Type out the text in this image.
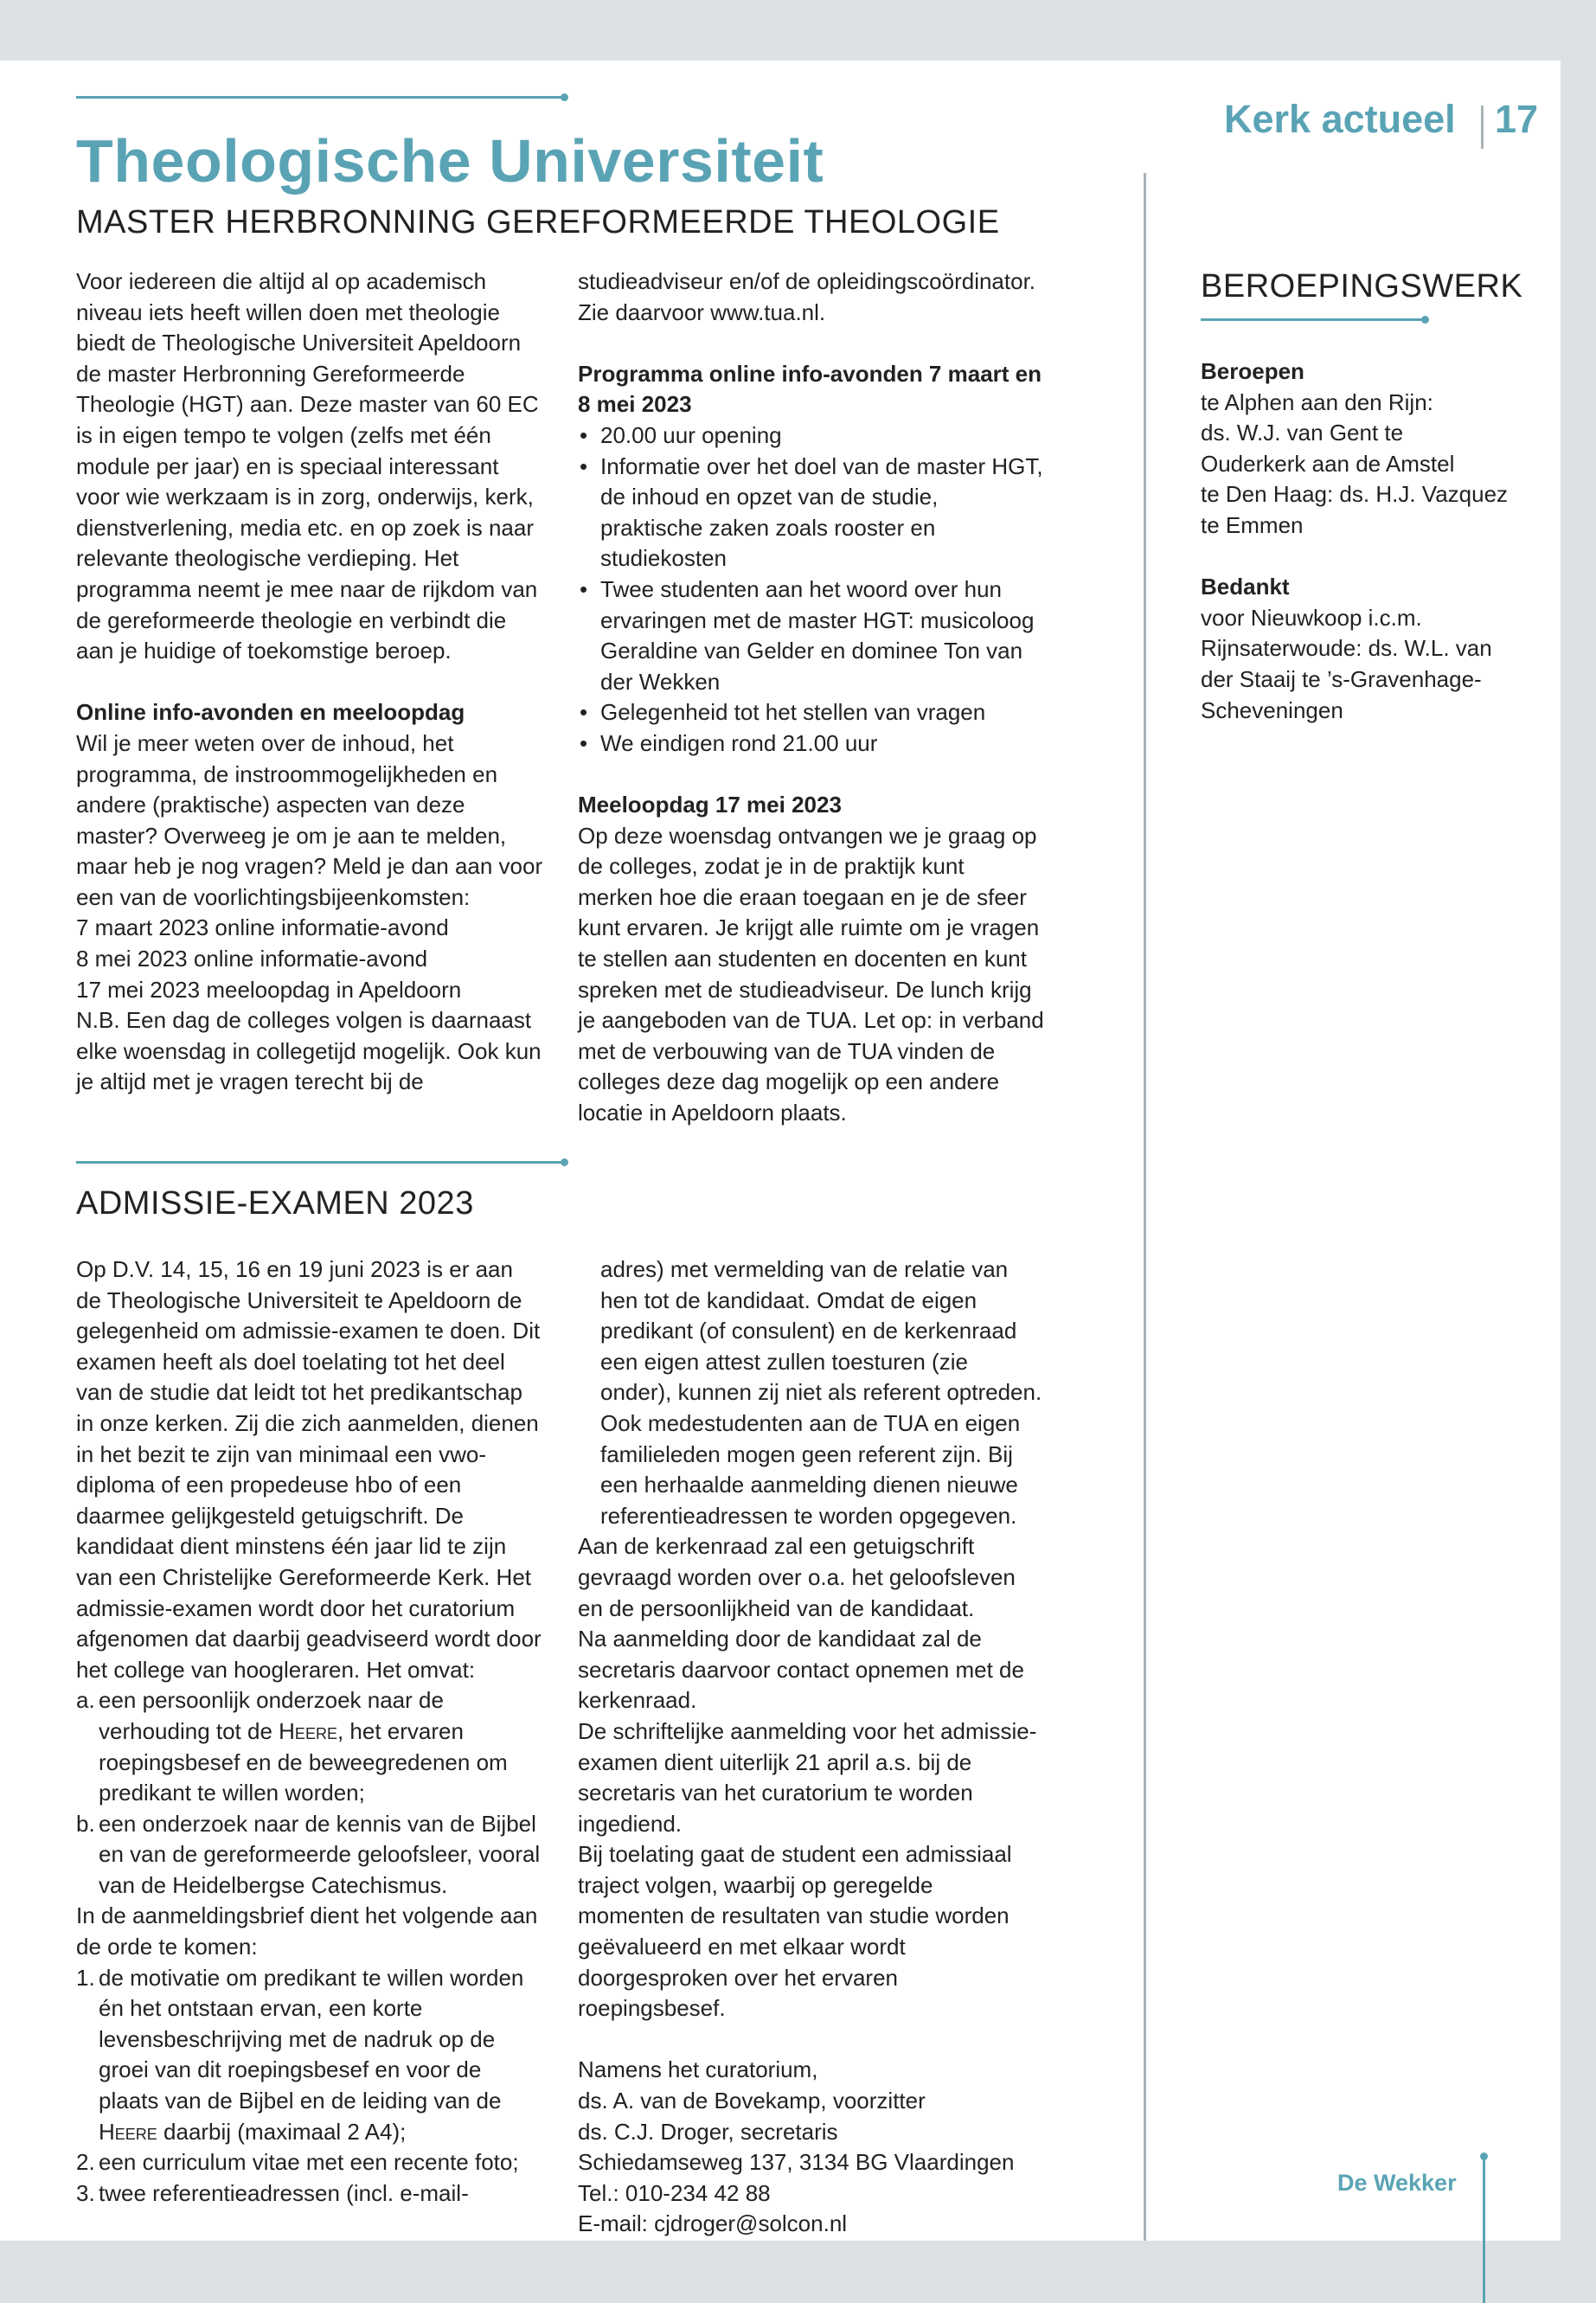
Kerk actueel 17
Theologische Universiteit
MASTER HERBRONNING GEREFORMEERDE THEOLOGIE

Voor iedereen die altijd al op academisch niveau iets heeft willen doen met theologie biedt de Theologische Universiteit Apeldoorn de master Herbronning Gereformeerde Theologie (HGT) aan. Deze master van 60 EC is in eigen tempo te volgen (zelfs met één module per jaar) en is speciaal interessant voor wie werkzaam is in zorg, onderwijs, kerk, dienstverlening, media etc. en op zoek is naar relevante theologische verdieping. Het programma neemt je mee naar de rijkdom van de gereformeerde theologie en verbindt die aan je huidige of toekomstige beroep.

Online info-avonden en meeloopdag

Wil je meer weten over de inhoud, het programma, de instroommogelijkheden en andere (praktische) aspecten van deze master? Overweeg je om je aan te melden, maar heb je nog vragen? Meld je dan aan voor een van de voorlichtingsbijeenkomsten:

7 maart 2023 online informatie-avond

8 mei 2023 online informatie-avond

17 mei 2023 meeloopdag in Apeldoorn

N.B. Een dag de colleges volgen is daarnaast elke woensdag in collegetijd mogelijk. Ook kun je altijd met je vragen terecht bij de

studieadviseur en/of de opleidingscoördinator. Zie daarvoor www.tua.nl.

Programma online info-avonden 7 maart en 8 mei 2023

• 20.00 uur opening
• Informatie over het doel van de master HGT, de inhoud en opzet van de studie, praktische zaken zoals rooster en studiekosten
• Twee studenten aan het woord over hun ervaringen met de master HGT: musicoloog Geraldine van Gelder en dominee Ton van der Wekken
• Gelegenheid tot het stellen van vragen
• We eindigen rond 21.00 uur

Meeloopdag 17 mei 2023

Op deze woensdag ontvangen we je graag op de colleges, zodat je in de praktijk kunt merken hoe die eraan toegaan en je de sfeer kunt ervaren. Je krijgt alle ruimte om je vragen te stellen aan studenten en docenten en kunt spreken met de studieadviseur. De lunch krijg je aangeboden van de TUA. Let op: in verband met de verbouwing van de TUA vinden de colleges deze dag mogelijk op een andere locatie in Apeldoorn plaats.

BEROEPINGSWERK

Beroepen

te Alphen aan den Rijn:

ds. W.J. van Gent te

Ouderkerk aan de Amstel

te Den Haag: ds. H.J. Vazquez

te Emmen

Bedankt

voor Nieuwkoop i.c.m. Rijnsaterwoude: ds. W.L. van der Staaij te ’s-Gravenhage-Scheveningen

ADMISSIE-EXAMEN 2023

Op D.V. 14, 15, 16 en 19 juni 2023 is er aan de Theologische Universiteit te Apeldoorn de gelegenheid om admissie-examen te doen. Dit examen heeft als doel toelating tot het deel van de studie dat leidt tot het predikantschap in onze kerken. Zij die zich aanmelden, dienen in het bezit te zijn van minimaal een vwo-diploma of een propedeuse hbo of een daarmee gelijkgesteld getuigschrift. De kandidaat dient minstens één jaar lid te zijn van een Christelijke Gereformeerde Kerk. Het admissie-examen wordt door het curatorium afgenomen dat daarbij geadviseerd wordt door het college van hoogleraren. Het omvat:

a. een persoonlijk onderzoek naar de verhouding tot de Heere, het ervaren roepingsbesef en de beweegredenen om predikant te willen worden;
b. een onderzoek naar de kennis van de Bijbel en van de gereformeerde geloofsleer, vooral van de Heidelbergse Catechismus.

In de aanmeldingsbrief dient het volgende aan de orde te komen:

1. de motivatie om predikant te willen worden én het ontstaan ervan, een korte levensbeschrijving met de nadruk op de groei van dit roepingsbesef en voor de plaats van de Bijbel en de leiding van de Heere daarbij (maximaal 2 A4);
2. een curriculum vitae met een recente foto;
3. twee referentieadressen (incl. e-mail-

adres) met vermelding van de relatie van hen tot de kandidaat. Omdat de eigen predikant (of consulent) en de kerkenraad een eigen attest zullen toesturen (zie onder), kunnen zij niet als referent optreden. Ook medestudenten aan de TUA en eigen familieleden mogen geen referent zijn. Bij een herhaalde aanmelding dienen nieuwe referentieadressen te worden opgegeven.

Aan de kerkenraad zal een getuigschrift gevraagd worden over o.a. het geloofsleven en de persoonlijkheid van de kandidaat.

Na aanmelding door de kandidaat zal de secretaris daarvoor contact opnemen met de kerkenraad.

De schriftelijke aanmelding voor het admissie-examen dient uiterlijk 21 april a.s. bij de secretaris van het curatorium te worden ingediend.

Bij toelating gaat de student een admissiaal traject volgen, waarbij op geregelde momenten de resultaten van studie worden geëvalueerd en met elkaar wordt doorgesproken over het ervaren roepingsbesef.

Namens het curatorium,

ds. A. van de Bovekamp, voorzitter

ds. C.J. Droger, secretaris

Schiedamseweg 137, 3134 BG Vlaardingen

Tel.: 010-234 42 88

E-mail: cjdroger@solcon.nl

De Wekker
